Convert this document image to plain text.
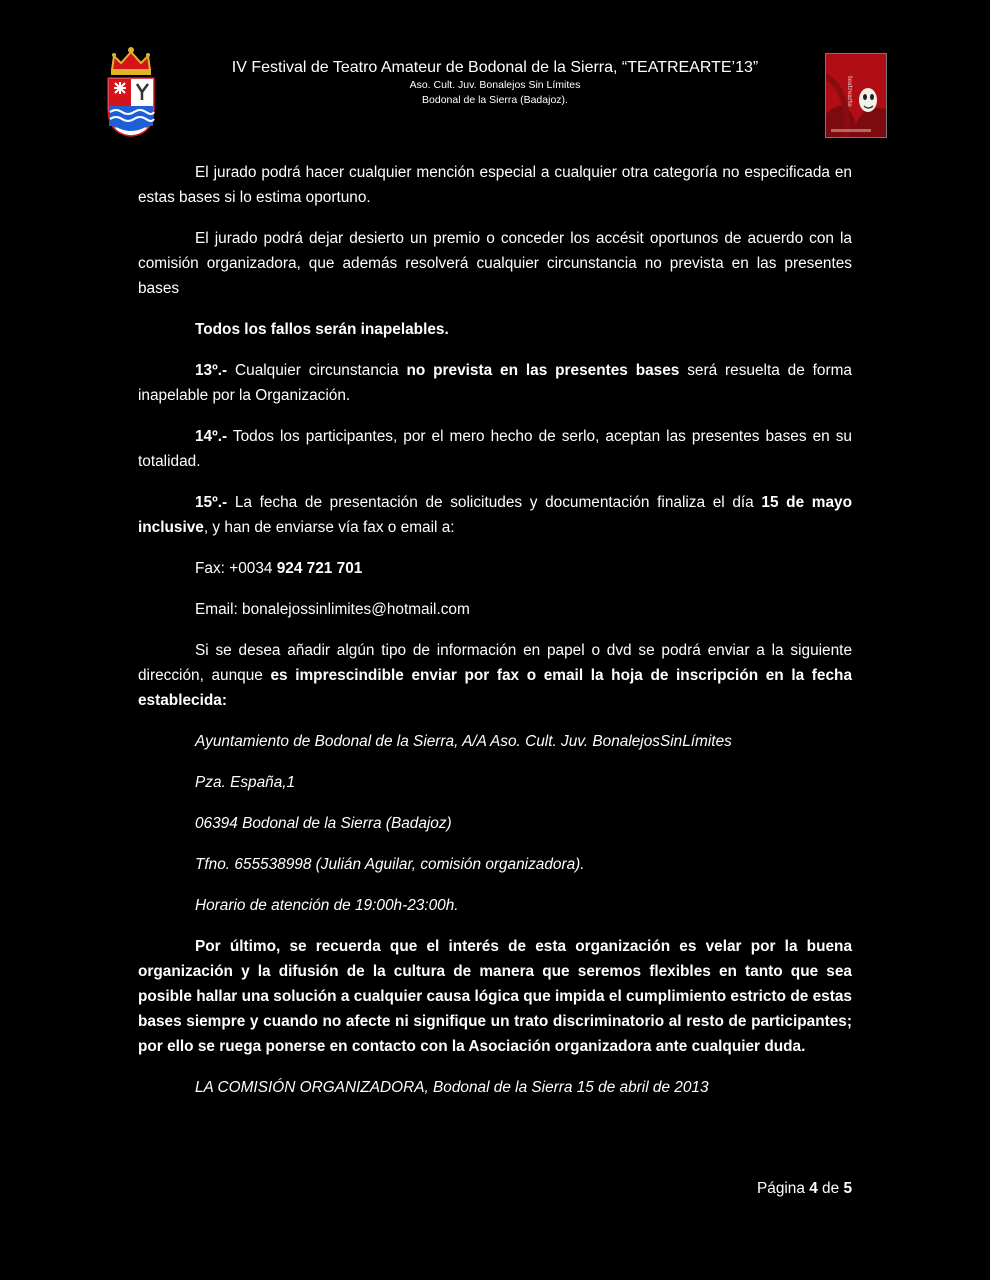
IV Festival de Teatro Amateur de Bodonal de la Sierra, “TEATREARTE’13”
Aso. Cult. Juv. Bonalejos Sin Límites
Bodonal de la Sierra (Badajoz).	teatrearte

El jurado podrá hacer cualquier mención especial a cualquier otra categoría no especificada en estas bases si lo estima oportuno.

El jurado podrá dejar desierto un premio o conceder los accésit oportunos de acuerdo con la comisión organizadora, que además resolverá cualquier circunstancia no prevista en las presentes bases

Todos los fallos serán inapelables.

13º.- Cualquier circunstancia no prevista en las presentes bases será resuelta de forma inapelable por la Organización.

14º.- Todos los participantes, por el mero hecho de serlo, aceptan las presentes bases en su totalidad.

15º.- La fecha de presentación de solicitudes y documentación finaliza el día 15 de mayo inclusive, y han de enviarse vía fax o email a:

Fax: +0034 924 721 701

Email: bonalejossinlimites@hotmail.com

Si se desea añadir algún tipo de información en papel o dvd se podrá enviar a la siguiente dirección, aunque es imprescindible enviar por fax o email la hoja de inscripción en la fecha establecida:

Ayuntamiento de Bodonal de la Sierra, A/A Aso. Cult. Juv. BonalejosSinLímites

Pza. España,1

06394 Bodonal de la Sierra (Badajoz)

Tfno. 655538998 (Julián Aguilar, comisión organizadora).

Horario de atención de 19:00h-23:00h.

Por último, se recuerda que el interés de esta organización es velar por la buena organización y la difusión de la cultura de manera que seremos flexibles en tanto que sea posible hallar una solución a cualquier causa lógica que impida el cumplimiento estricto de estas bases siempre y cuando no afecte ni signifique un trato discriminatorio al resto de participantes; por ello se ruega ponerse en contacto con la Asociación organizadora ante cualquier duda.

LA COMISIÓN ORGANIZADORA, Bodonal de la Sierra 15 de abril de 2013

Página 4 de 5
